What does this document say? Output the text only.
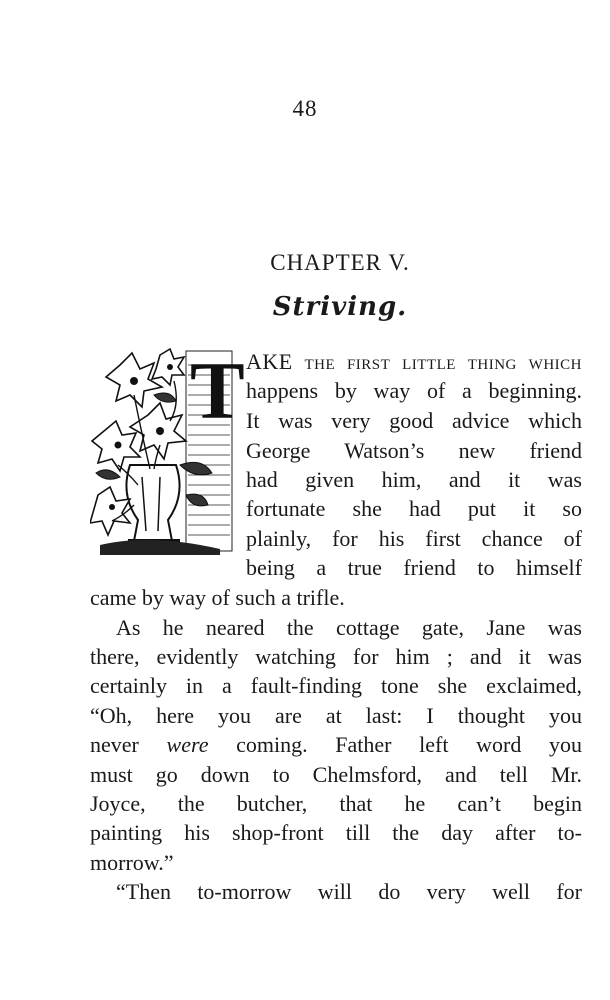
48
CHAPTER V.
Striving.
T AKE the first little thing which
happens by way of a beginning.
It was very good advice which
George Watson’s new friend
had given him, and it was
fortunate she had put it so
plainly, for his first chance of
being a true friend to himself
came by way of such a trifle.
As he neared the cottage gate, Jane was
there, evidently watching for him ; and it was
certainly in a fault-finding tone she exclaimed,
“Oh, here you are at last: I thought you
never were coming. Father left word you
must go down to Chelmsford, and tell Mr.
Joyce, the butcher, that he can’t begin
painting his shop-front till the day after to-
morrow.”
“Then to-morrow will do very well for
